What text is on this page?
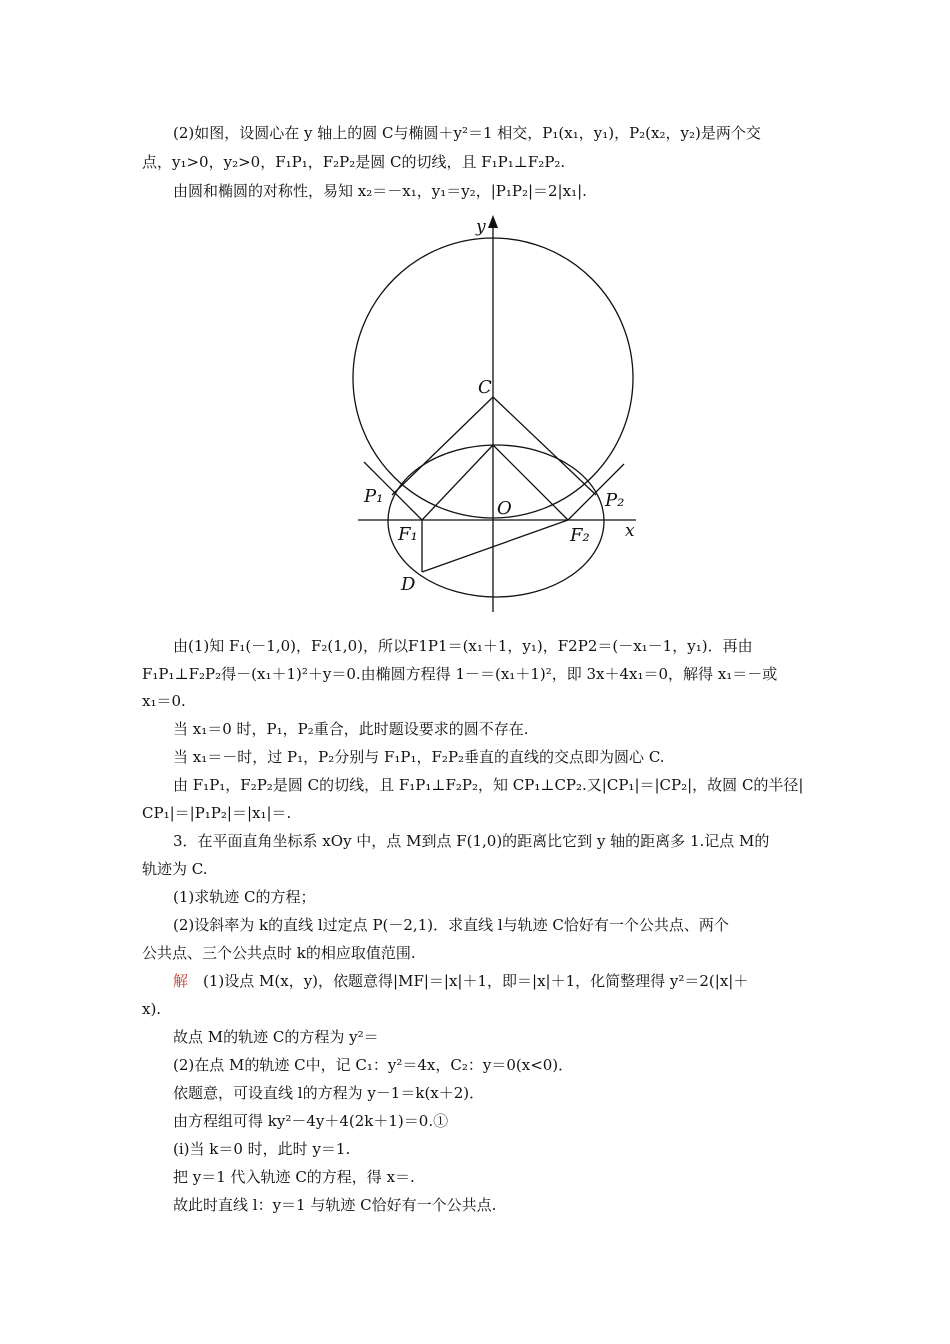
(2)如图，设圆心在 y 轴上的圆 C与椭圆＋y²＝1 相交，P₁(x₁，y₁)，P₂(x₂，y₂)是两个交
点，y₁>0，y₂>0，F₁P₁，F₂P₂是圆 C的切线，且 F₁P₁⊥F₂P₂.
由圆和椭圆的对称性，易知 x₂＝－x₁，y₁＝y₂，|P₁P₂|＝2|x₁|.
y
x
C
O
P₁	P₂
F₁	F₂
D
由(1)知 F₁(－1,0)，F₂(1,0)，所以F1P1＝(x₁＋1，y₁)，F2P2＝(－x₁－1，y₁)．再由
F₁P₁⊥F₂P₂得－(x₁＋1)²＋y＝0.由椭圆方程得 1－＝(x₁＋1)²，即 3x＋4x₁＝0，解得 x₁＝－或
x₁＝0.
当 x₁＝0 时，P₁，P₂重合，此时题设要求的圆不存在.
当 x₁＝－时，过 P₁，P₂分别与 F₁P₁，F₂P₂垂直的直线的交点即为圆心 C.
由 F₁P₁，F₂P₂是圆 C的切线，且 F₁P₁⊥F₂P₂，知 CP₁⊥CP₂.又|CP₁|＝|CP₂|，故圆 C的半径|
CP₁|＝|P₁P₂|＝|x₁|＝.
3．在平面直角坐标系 xOy 中，点 M到点 F(1,0)的距离比它到 y 轴的距离多 1.记点 M的
轨迹为 C.
(1)求轨迹 C的方程；
(2)设斜率为 k的直线 l过定点 P(－2,1)．求直线 l与轨迹 C恰好有一个公共点、两个
公共点、三个公共点时 k的相应取值范围.
解　(1)设点 M(x，y)，依题意得|MF|＝|x|＋1，即＝|x|＋1，化简整理得 y²＝2(|x|＋
x).
故点 M的轨迹 C的方程为 y²＝
(2)在点 M的轨迹 C中，记 C₁：y²＝4x，C₂：y＝0(x<0)．
依题意，可设直线 l的方程为 y－1＝k(x＋2)．
由方程组可得 ky²－4y＋4(2k＋1)＝0.①
(ⅰ)当 k＝0 时，此时 y＝1.
把 y＝1 代入轨迹 C的方程，得 x＝.
故此时直线 l：y＝1 与轨迹 C恰好有一个公共点.
